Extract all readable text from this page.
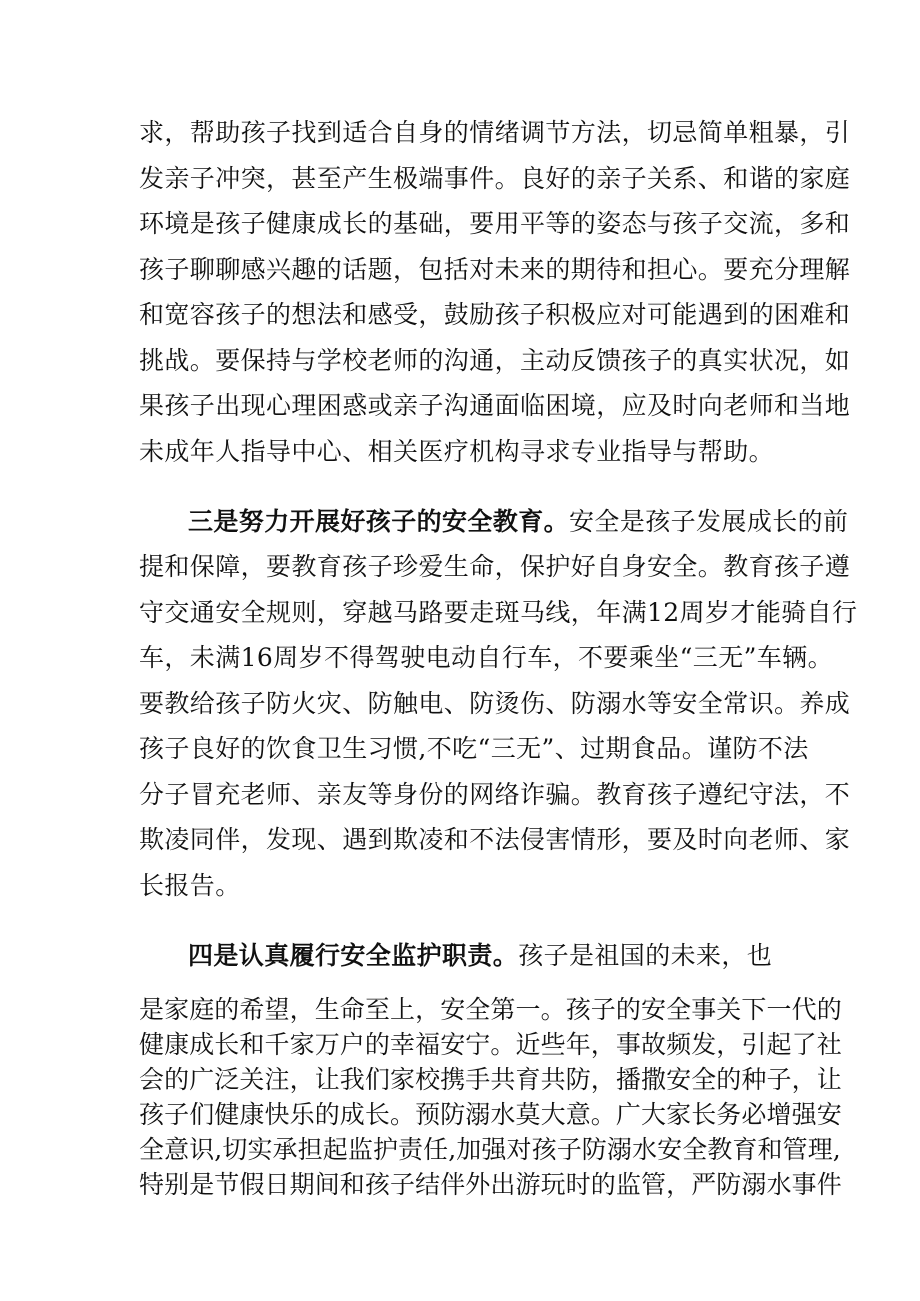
求，帮助孩子找到适合自身的情绪调节方法，切忌简单粗暴，引
发亲子冲突，甚至产生极端事件。良好的亲子关系、和谐的家庭
环境是孩子健康成长的基础，要用平等的姿态与孩子交流，多和
孩子聊聊感兴趣的话题，包括对未来的期待和担心。要充分理解
和宽容孩子的想法和感受，鼓励孩子积极应对可能遇到的困难和
挑战。要保持与学校老师的沟通，主动反馈孩子的真实状况，如
果孩子出现心理困惑或亲子沟通面临困境，应及时向老师和当地
未成年人指导中心、相关医疗机构寻求专业指导与帮助。
三是努力开展好孩子的安全教育。安全是孩子发展成长的前
提和保障，要教育孩子珍爱生命，保护好自身安全。教育孩子遵
守交通安全规则，穿越马路要走斑马线，年满12周岁才能骑自行
车，未满16周岁不得驾驶电动自行车，不要乘坐“三无”车辆。
要教给孩子防火灾、防触电、防烫伤、防溺水等安全常识。养成
孩子良好的饮食卫生习惯,不吃“三无”、过期食品。谨防不法
分子冒充老师、亲友等身份的网络诈骗。教育孩子遵纪守法，不
欺凌同伴，发现、遇到欺凌和不法侵害情形，要及时向老师、家
长报告。
四是认真履行安全监护职责。孩子是祖国的未来，也
是家庭的希望，生命至上，安全第一。孩子的安全事关下一代的
健康成长和千家万户的幸福安宁。近些年，事故频发，引起了社
会的广泛关注，让我们家校携手共育共防，播撒安全的种子，让
孩子们健康快乐的成长。预防溺水莫大意。广大家长务必增强安
全意识,切实承担起监护责任,加强对孩子防溺水安全教育和管理,
特别是节假日期间和孩子结伴外出游玩时的监管，严防溺水事件
